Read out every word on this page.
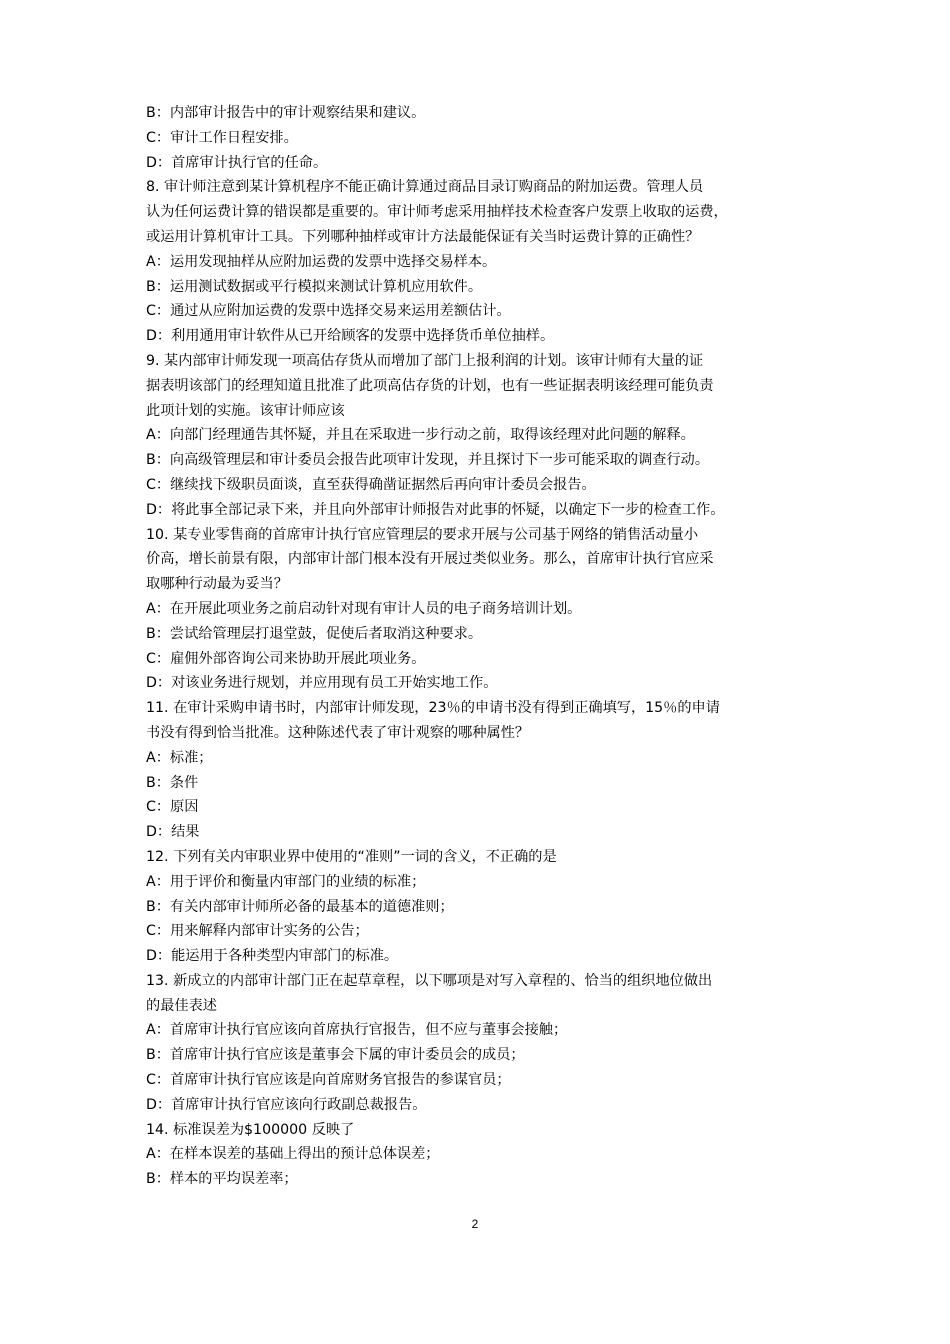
B：内部审计报告中的审计观察结果和建议。
C：审计工作日程安排。
D：首席审计执行官的任命。
8. 审计师注意到某计算机程序不能正确计算通过商品目录订购商品的附加运费。管理人员
认为任何运费计算的错误都是重要的。审计师考虑采用抽样技术检查客户发票上收取的运费，
或运用计算机审计工具。下列哪种抽样或审计方法最能保证有关当时运费计算的正确性？
A：运用发现抽样从应附加运费的发票中选择交易样本。
B：运用测试数据或平行模拟来测试计算机应用软件。
C：通过从应附加运费的发票中选择交易来运用差额估计。
D：利用通用审计软件从已开给顾客的发票中选择货币单位抽样。
9. 某内部审计师发现一项高估存货从而增加了部门上报利润的计划。该审计师有大量的证
据表明该部门的经理知道且批准了此项高估存货的计划，也有一些证据表明该经理可能负责
此项计划的实施。该审计师应该
A：向部门经理通告其怀疑，并且在采取进一步行动之前，取得该经理对此问题的解释。
B：向高级管理层和审计委员会报告此项审计发现，并且探讨下一步可能采取的调查行动。
C：继续找下级职员面谈，直至获得确凿证据然后再向审计委员会报告。
D：将此事全部记录下来，并且向外部审计师报告对此事的怀疑，以确定下一步的检查工作。
10. 某专业零售商的首席审计执行官应管理层的要求开展与公司基于网络的销售活动量小
价高，增长前景有限，内部审计部门根本没有开展过类似业务。那么，首席审计执行官应采
取哪种行动最为妥当？
A：在开展此项业务之前启动针对现有审计人员的电子商务培训计划。
B：尝试给管理层打退堂鼓，促使后者取消这种要求。
C：雇佣外部咨询公司来协助开展此项业务。
D：对该业务进行规划，并应用现有员工开始实地工作。
11. 在审计采购申请书时，内部审计师发现，23％的申请书没有得到正确填写，15％的申请
书没有得到恰当批准。这种陈述代表了审计观察的哪种属性？
A：标准；
B：条件
C：原因
D：结果
12. 下列有关内审职业界中使用的“准则”一词的含义，不正确的是
A：用于评价和衡量内审部门的业绩的标准；
B：有关内部审计师所必备的最基本的道德准则；
C：用来解释内部审计实务的公告；
D：能运用于各种类型内审部门的标准。
13. 新成立的内部审计部门正在起草章程，以下哪项是对写入章程的、恰当的组织地位做出
的最佳表述
A：首席审计执行官应该向首席执行官报告，但不应与董事会接触；
B：首席审计执行官应该是董事会下属的审计委员会的成员；
C：首席审计执行官应该是向首席财务官报告的参谋官员；
D：首席审计执行官应该向行政副总裁报告。
14. 标准误差为$100000 反映了
A：在样本误差的基础上得出的预计总体误差；
B：样本的平均误差率；
2
